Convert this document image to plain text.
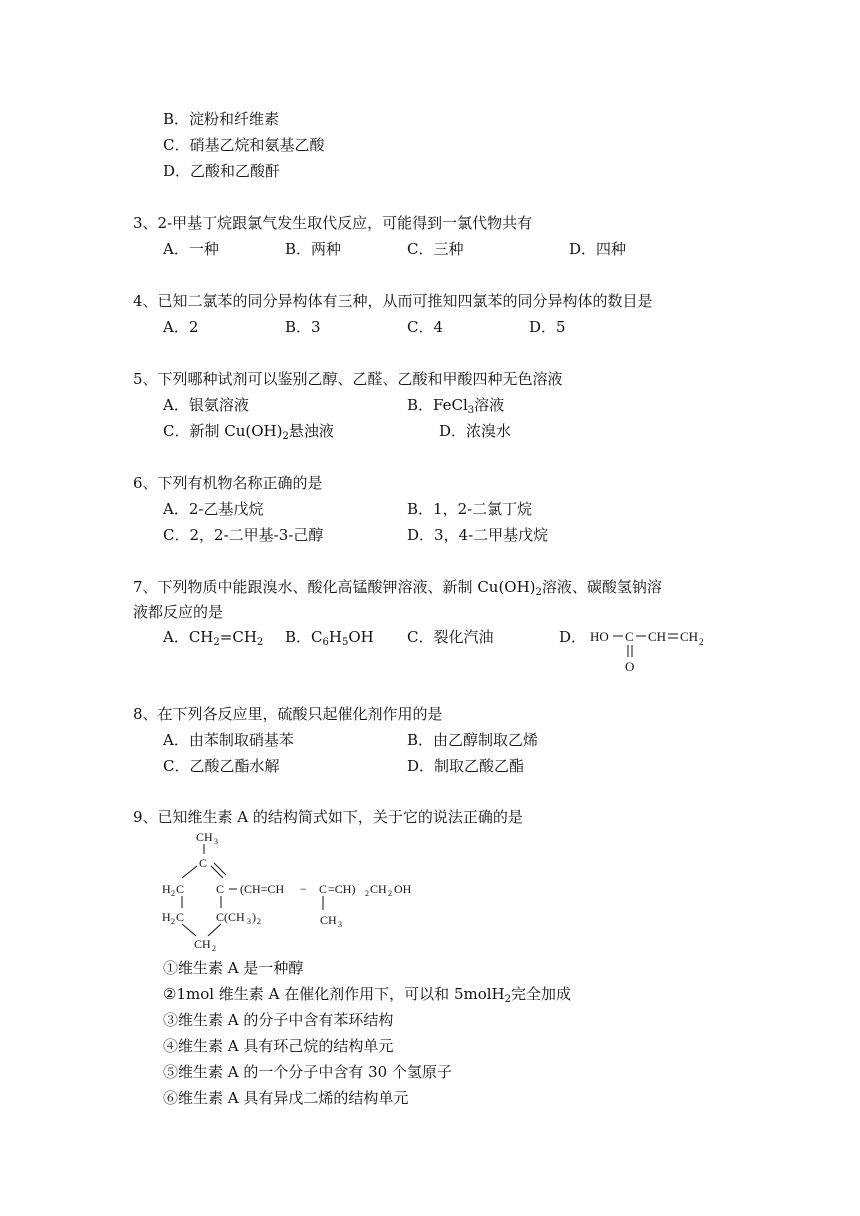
B．淀粉和纤维素
C．硝基乙烷和氨基乙酸
D．乙酸和乙酸酐
3、2-甲基丁烷跟氯气发生取代反应，可能得到一氯代物共有
A．一种	B．两种	C．三种	D．四种
4、已知二氯苯的同分异构体有三种，从而可推知四氯苯的同分异构体的数目是
A．2	B．3	C．4	D．5
5、下列哪种试剂可以鉴别乙醇、乙醛、乙酸和甲酸四种无色溶液
A．银氨溶液	B．FeCl$_3$溶液
C．新制 $Cu(OH)_2$悬浊液	D．浓溴水
6、下列有机物名称正确的是
A．2-乙基戊烷	B．1，2-二氯丁烷
C．2，2-二甲基-3-己醇	D．3，4-二甲基戊烷
7、下列物质中能跟溴水、酸化高锰酸钾溶液、新制 $Cu(OH)_2$溶液、碳酸氢钠溶
液都反应的是
A．$CH_2=CH_2$ B．$C_6H_5OH$ C．裂化汽油	D． HO C CH CH 2
O
8、在下列各反应里，硫酸只起催化剂作用的是
A．由苯制取硝基苯	B．由乙醇制取乙烯
C．乙酸乙酯水解	D．制取乙酸乙酯
9、已知维生素 A 的结构简式如下，关于它的说法正确的是
CH 3
C
H 2 C	C (CH=CH − C =CH) 2 CH 2 OH
CH 3
H 2 C	C(CH 3 ) 2
CH 2
①维生素 A 是一种醇
②1mol 维生素 A 在催化剂作用下，可以和 5molH$_2$完全加成
③维生素 A 的分子中含有苯环结构
④维生素 A 具有环己烷的结构单元
⑤维生素 A 的一个分子中含有 30 个氢原子
⑥维生素 A 具有异戊二烯的结构单元
